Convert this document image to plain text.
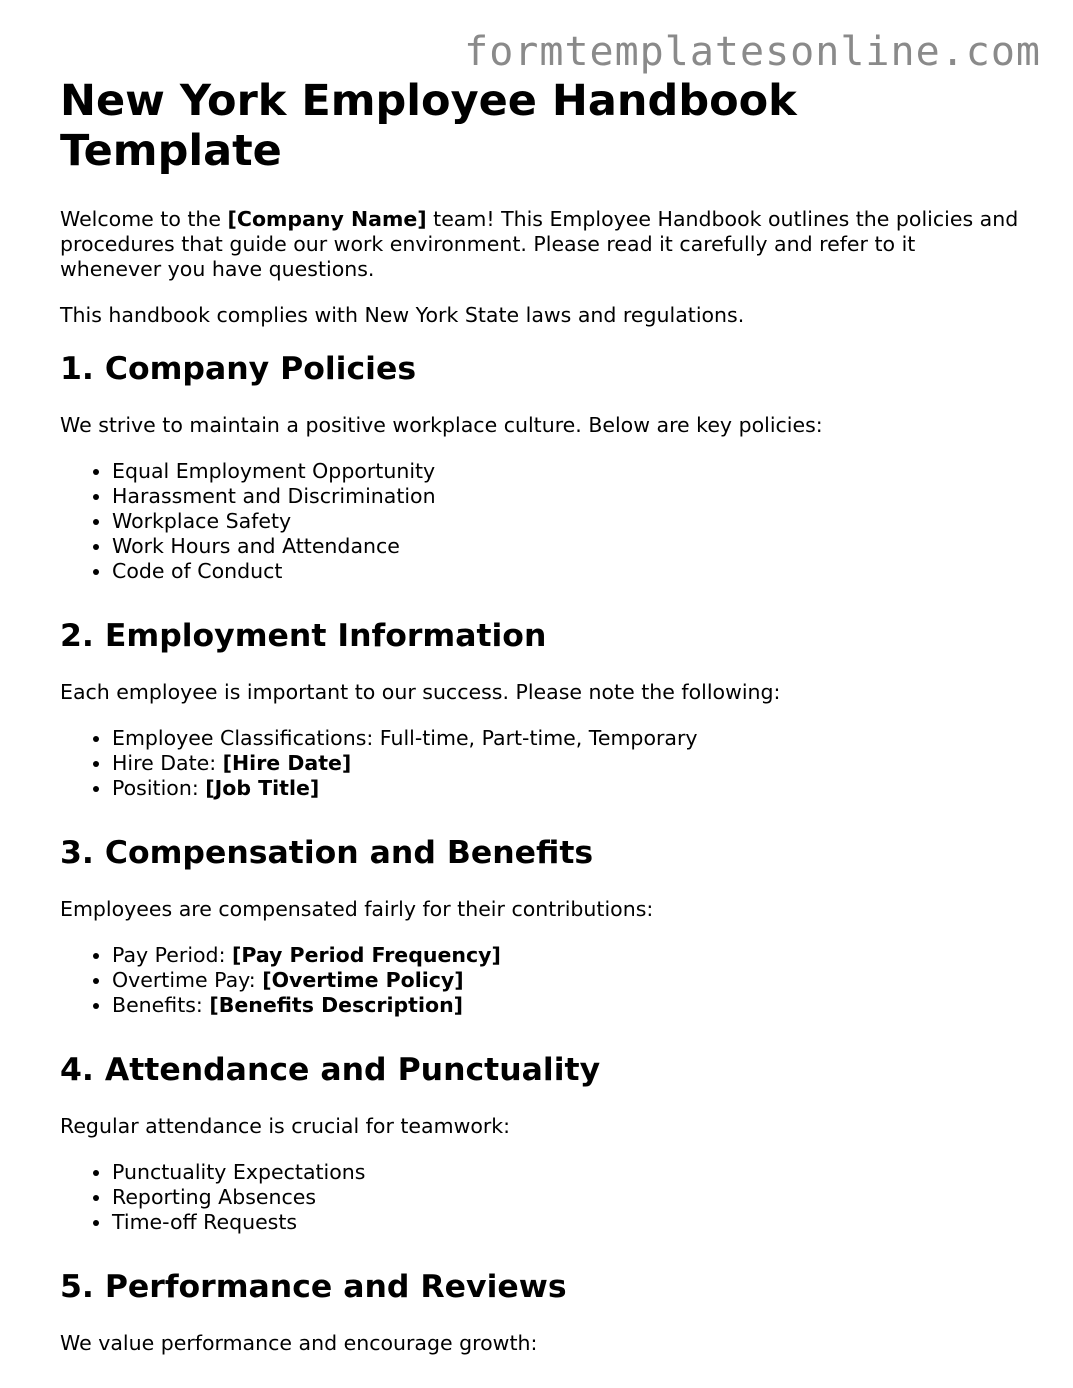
formtemplatesonline.com
New York Employee Handbook Template

Welcome to the [Company Name] team! This Employee Handbook outlines the policies and procedures that guide our work environment. Please read it carefully and refer to it whenever you have questions.

This handbook complies with New York State laws and regulations.

1. Company Policies

We strive to maintain a positive workplace culture. Below are key policies:

• Equal Employment Opportunity
• Harassment and Discrimination
• Workplace Safety
• Work Hours and Attendance
• Code of Conduct
2. Employment Information

Each employee is important to our success. Please note the following:

• Employee Classifications: Full-time, Part-time, Temporary
• Hire Date: [Hire Date]
• Position: [Job Title]
3. Compensation and Benefits

Employees are compensated fairly for their contributions:

• Pay Period: [Pay Period Frequency]
• Overtime Pay: [Overtime Policy]
• Benefits: [Benefits Description]
4. Attendance and Punctuality

Regular attendance is crucial for teamwork:

• Punctuality Expectations
• Reporting Absences
• Time-off Requests
5. Performance and Reviews

We value performance and encourage growth:
